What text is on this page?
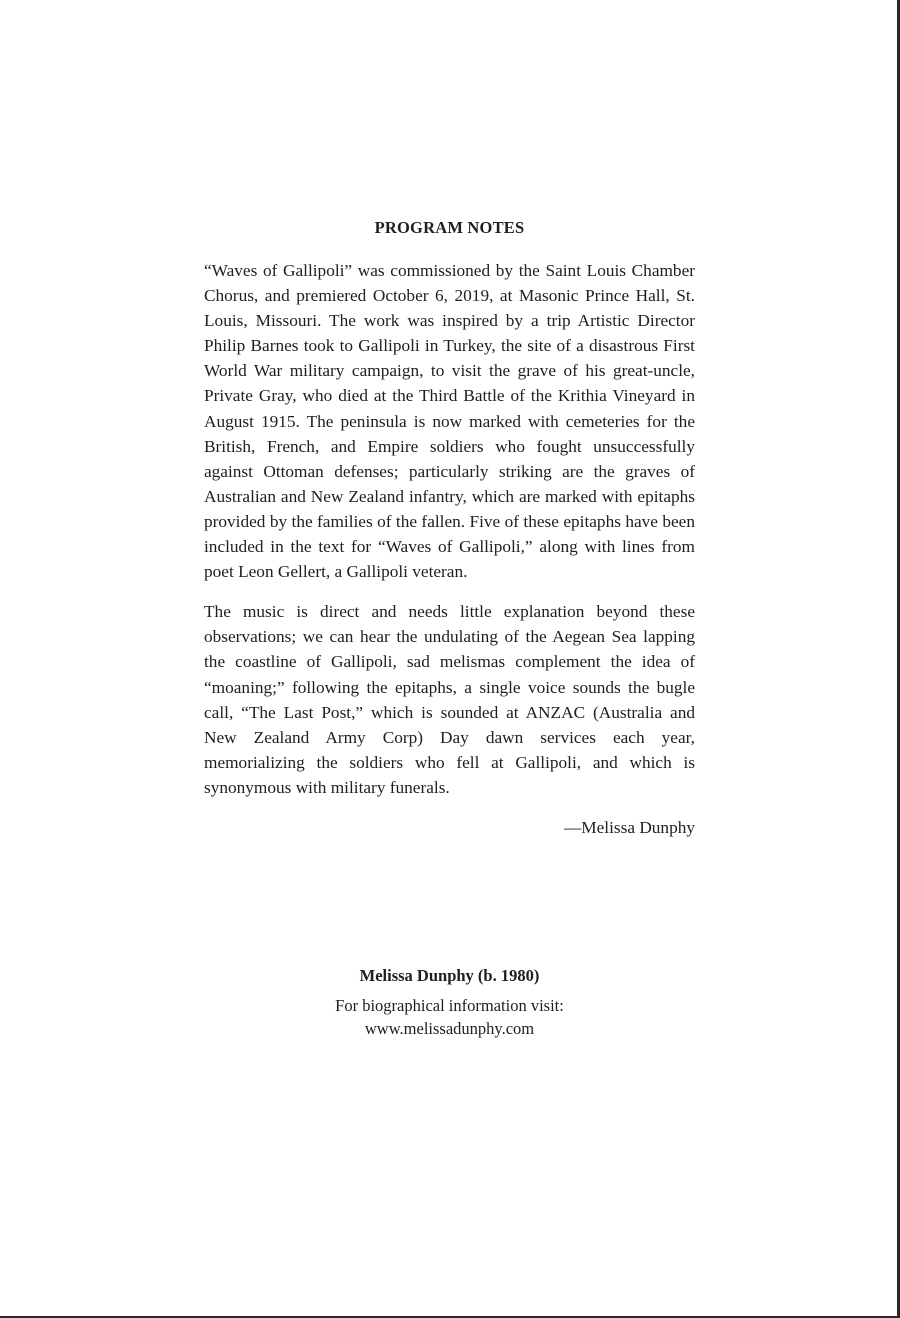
PROGRAM NOTES

“Waves of Gallipoli” was commissioned by the Saint Louis Chamber Chorus, and premiered October 6, 2019, at Masonic Prince Hall, St. Louis, Missouri. The work was inspired by a trip Artistic Director Philip Barnes took to Gallipoli in Turkey, the site of a disastrous First World War military campaign, to visit the grave of his great-uncle, Private Gray, who died at the Third Battle of the Krithia Vineyard in August 1915. The peninsula is now marked with cemeteries for the British, French, and Empire soldiers who fought unsuccessfully against Ottoman defenses; particularly striking are the graves of Australian and New Zealand infantry, which are marked with epitaphs provided by the families of the fallen. Five of these epitaphs have been included in the text for “Waves of Gallipoli,” along with lines from poet Leon Gellert, a Gallipoli veteran.

The music is direct and needs little explanation beyond these observations; we can hear the undulating of the Aegean Sea lapping the coastline of Gallipoli, sad melismas complement the idea of “moaning;” following the epitaphs, a single voice sounds the bugle call, “The Last Post,” which is sounded at ANZAC (Australia and New Zealand Army Corp) Day dawn services each year, memorializing the soldiers who fell at Gallipoli, and which is synonymous with military funerals.

—Melissa Dunphy
Melissa Dunphy (b. 1980)
For biographical information visit:
www.melissadunphy.com
